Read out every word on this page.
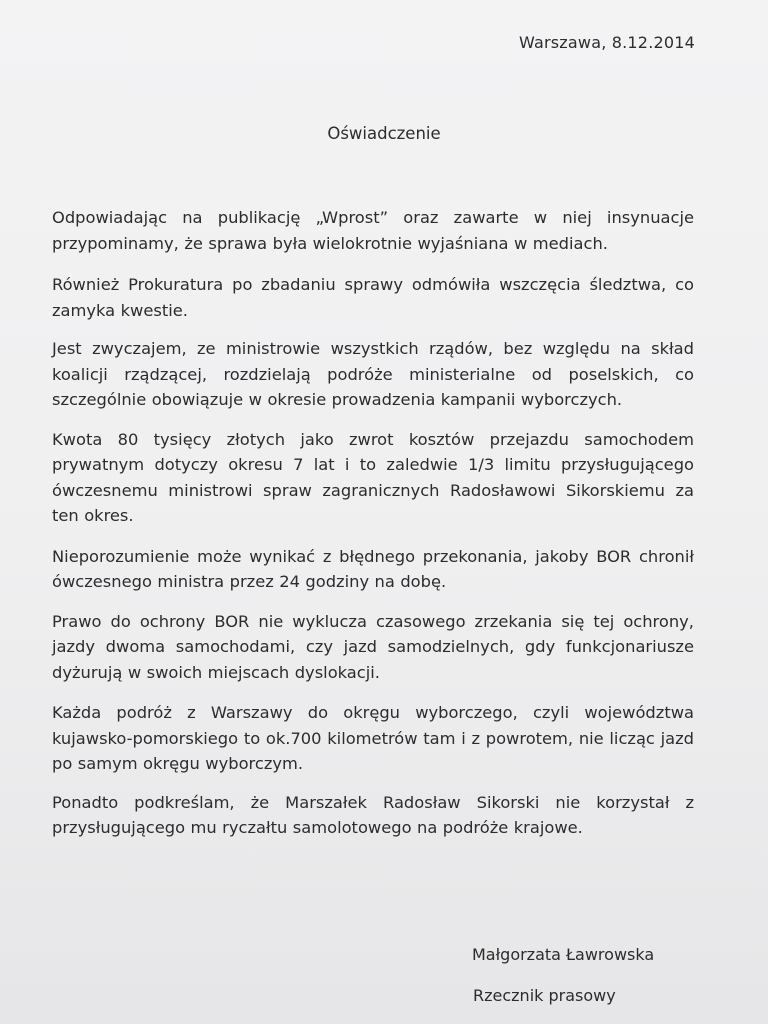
Warszawa, 8.12.2014
Oświadczenie

Odpowiadając na publikację „Wprost” oraz zawarte w niej insynuacje przypominamy, że sprawa była wielokrotnie wyjaśniana w mediach.

Również Prokuratura po zbadaniu sprawy odmówiła wszczęcia śledztwa, co zamyka kwestie.

Jest zwyczajem, ze ministrowie wszystkich rządów, bez względu na skład koalicji rządzącej, rozdzielają podróże ministerialne od poselskich, co szczególnie obowiązuje w okresie prowadzenia kampanii wyborczych.

Kwota 80 tysięcy złotych jako zwrot kosztów przejazdu samochodem prywatnym dotyczy okresu 7 lat i to zaledwie 1/3 limitu przysługującego ówczesnemu ministrowi spraw zagranicznych Radosławowi Sikorskiemu za ten okres.

Nieporozumienie może wynikać z błędnego przekonania, jakoby BOR chronił ówczesnego ministra przez 24 godziny na dobę.

Prawo do ochrony BOR nie wyklucza czasowego zrzekania się tej ochrony, jazdy dwoma samochodami, czy jazd samodzielnych, gdy funkcjonariusze dyżurują w swoich miejscach dyslokacji.

Każda podróż z Warszawy do okręgu wyborczego, czyli województwa kujawsko-pomorskiego to ok.700 kilometrów tam i z powrotem, nie licząc jazd po samym okręgu wyborczym.

Ponadto podkreślam, że Marszałek Radosław Sikorski nie korzystał z przysługującego mu ryczałtu samolotowego na podróże krajowe.

Małgorzata Ławrowska
Rzecznik prasowy
